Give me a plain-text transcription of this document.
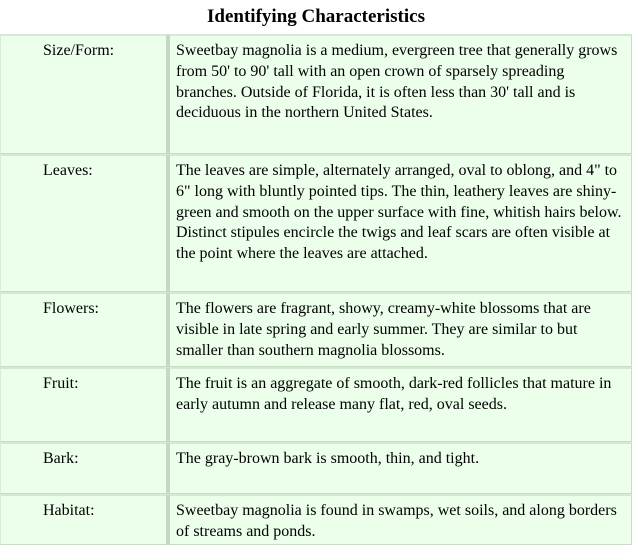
Identifying Characteristics
Size/Form:	Sweetbay magnolia is a medium, evergreen tree that generally grows from 50' to 90' tall with an open crown of sparsely spreading branches. Outside of Florida, it is often less than 30' tall and is deciduous in the northern United States.
Leaves:	The leaves are simple, alternately arranged, oval to oblong, and 4" to 6" long with bluntly pointed tips. The thin, leathery leaves are shiny-green and smooth on the upper surface with fine, whitish hairs below. Distinct stipules encircle the twigs and leaf scars are often visible at the point where the leaves are attached.
Flowers:	The flowers are fragrant, showy, creamy-white blossoms that are visible in late spring and early summer. They are similar to but smaller than southern magnolia blossoms.
Fruit:	The fruit is an aggregate of smooth, dark-red follicles that mature in early autumn and release many flat, red, oval seeds.
Bark:	The gray-brown bark is smooth, thin, and tight.
Habitat:	Sweetbay magnolia is found in swamps, wet soils, and along borders of streams and ponds.
